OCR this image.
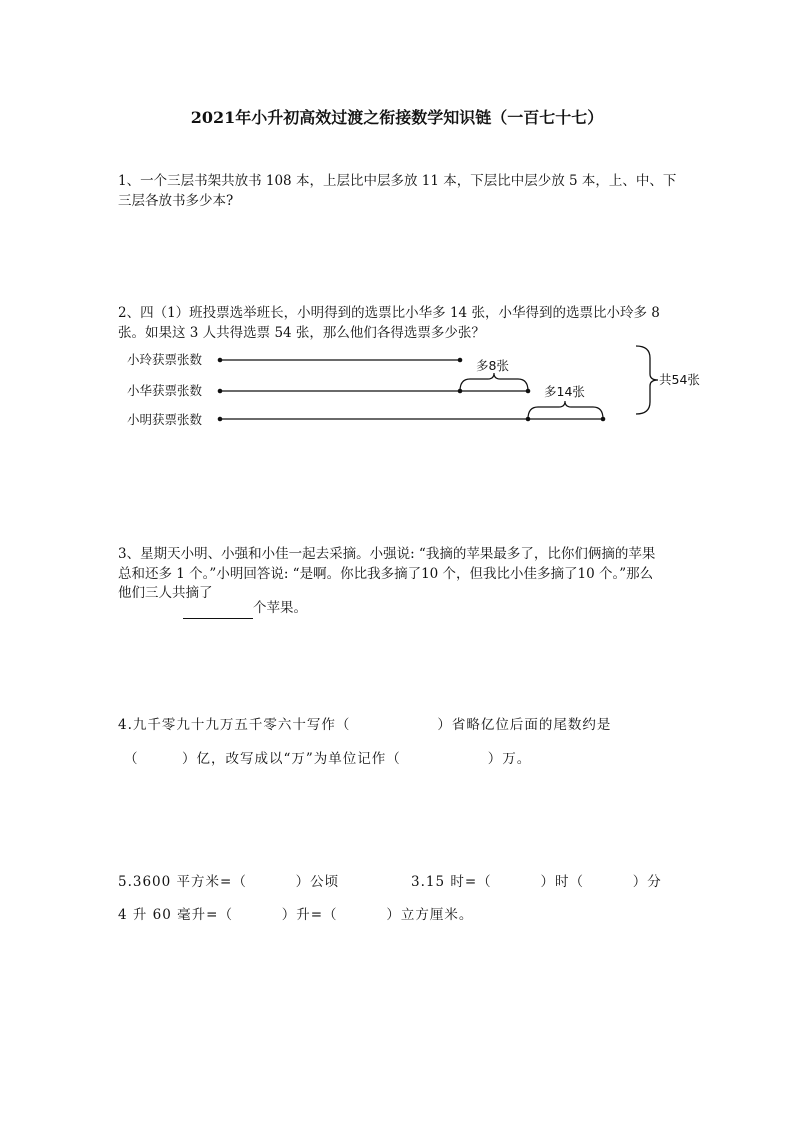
2021年小升初高效过渡之衔接数学知识链（一百七十七）
1、一个三层书架共放书 108 本，上层比中层多放 11 本，下层比中层少放 5 本，上、中、下
三层各放书多少本?
2、四（1）班投票选举班长，小明得到的选票比小华多 14 张，小华得到的选票比小玲多 8
张。如果这 3 人共得选票 54 张，那么他们各得选票多少张？
小玲获票张数
小华获票张数
小明获票张数
多8张
多14张
共54张
3、星期天小明、小强和小佳一起去采摘。小强说: “我摘的苹果最多了，比你们俩摘的苹果
总和还多 1 个。”小明回答说: “是啊。你比我多摘了10 个，但我比小佳多摘了10 个。”那么
他们三人共摘了
个苹果。
4.九千零九十九万五千零六十写作（　　　　　　）省略亿位后面的尾数约是
（　　　）亿，改写成以“万”为单位记作（　　　　　　）万。
5.3600 平方米=（　　　 ）公顷	3.15 时=（　　　 ）时（　　　 ）分
4 升 60 毫升=（　　　 ）升=（　　　 ）立方厘米。
